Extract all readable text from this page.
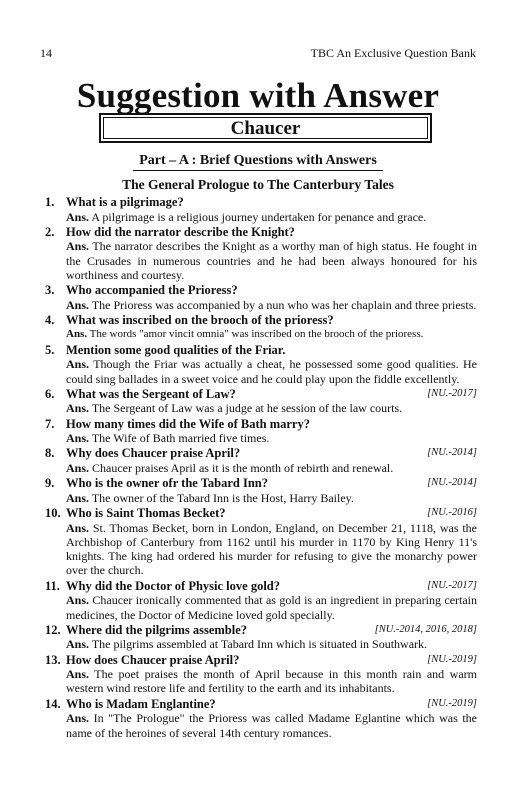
14	TBC An Exclusive Question Bank
Suggestion with Answer
Chaucer
Part – A : Brief Questions with Answers
The General Prologue to The Canterbury Tales
1. What is a pilgrimage?
Ans. A pilgrimage is a religious journey undertaken for penance and grace.
2. How did the narrator describe the Knight?
Ans. The narrator describes the Knight as a worthy man of high status. He fought in the Crusades in numerous countries and he had been always honoured for his worthiness and courtesy.
3. Who accompanied the Prioress?
Ans. The Prioress was accompanied by a nun who was her chaplain and three priests.
4. What was inscribed on the brooch of the prioress?
Ans. The words "amor vincit omnia" was inscribed on the brooch of the prioress.
5. Mention some good qualities of the Friar.
Ans. Though the Friar was actually a cheat, he possessed some good qualities. He could sing ballades in a sweet voice and he could play upon the fiddle excellently.
6. What was the Sergeant of Law?	[NU.-2017]
Ans. The Sergeant of Law was a judge at he session of the law courts.
7. How many times did the Wife of Bath marry?
Ans. The Wife of Bath married five times.
8. Why does Chaucer praise April?	[NU.-2014]
Ans. Chaucer praises April as it is the month of rebirth and renewal.
9. Who is the owner ofr the Tabard Inn?	[NU.-2014]
Ans. The owner of the Tabard Inn is the Host, Harry Bailey.
10. Who is Saint Thomas Becket?	[NU.-2016]
Ans. St. Thomas Becket, born in London, England, on December 21, 1118, was the Archbishop of Canterbury from 1162 until his murder in 1170 by King Henry 11's knights. The king had ordered his murder for refusing to give the monarchy power over the church.
11. Why did the Doctor of Physic love gold?	[NU.-2017]
Ans. Chaucer ironically commented that as gold is an ingredient in preparing certain medicines, the Doctor of Medicine loved gold specially.
12. Where did the pilgrims assemble?	[NU.-2014, 2016, 2018]
Ans. The pilgrims assembled at Tabard Inn which is situated in Southwark.
13. How does Chaucer praise April?	[NU.-2019]
Ans. The poet praises the month of April because in this month rain and warm western wind restore life and fertility to the earth and its inhabitants.
14. Who is Madam Englantine?	[NU.-2019]
Ans. In "The Prologue" the Prioress was called Madame Eglantine which was the name of the heroines of several 14th century romances.
